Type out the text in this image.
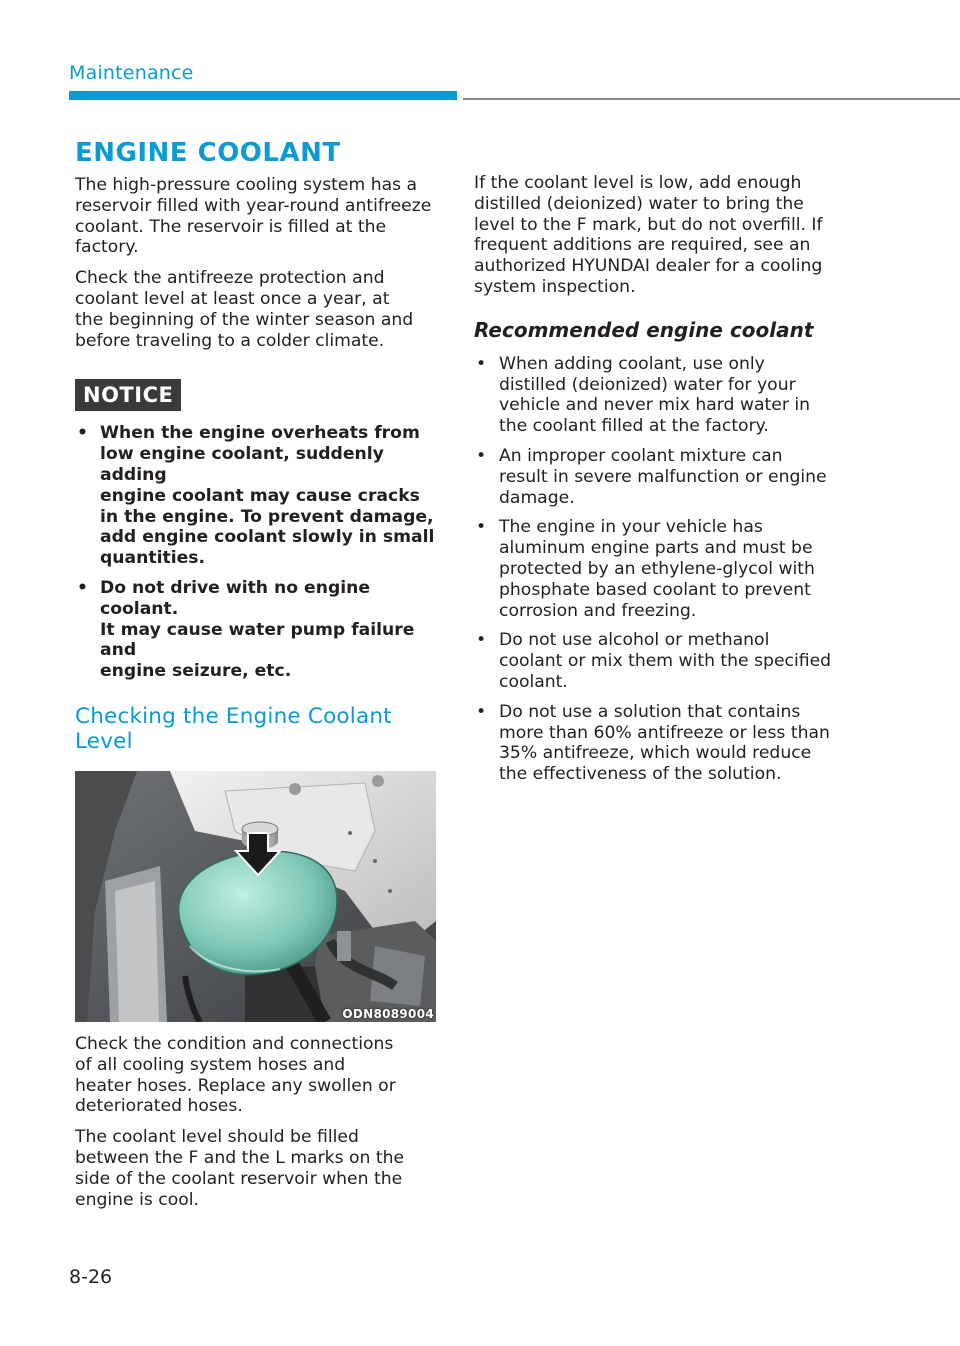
Maintenance
ENGINE COOLANT

The high-pressure cooling system has a
reservoir filled with year-round antifreeze
coolant. The reservoir is filled at the
factory.

Check the antifreeze protection and
coolant level at least once a year, at
the beginning of the winter season and
before traveling to a colder climate.

NOTICE
• When the engine overheats from
low engine coolant, suddenly adding
engine coolant may cause cracks
in the engine. To prevent damage,
add engine coolant slowly in small
quantities.
• Do not drive with no engine coolant.
It may cause water pump failure and
engine seizure, etc.
Checking the Engine Coolant
Level
ODN8089004

Check the condition and connections
of all cooling system hoses and
heater hoses. Replace any swollen or
deteriorated hoses.

The coolant level should be filled
between the F and the L marks on the
side of the coolant reservoir when the
engine is cool.

If the coolant level is low, add enough
distilled (deionized) water to bring the
level to the F mark, but do not overfill. If
frequent additions are required, see an
authorized HYUNDAI dealer for a cooling
system inspection.

Recommended engine coolant
• When adding coolant, use only
distilled (deionized) water for your
vehicle and never mix hard water in
the coolant filled at the factory.
• An improper coolant mixture can
result in severe malfunction or engine
damage.
• The engine in your vehicle has
aluminum engine parts and must be
protected by an ethylene-glycol with
phosphate based coolant to prevent
corrosion and freezing.
• Do not use alcohol or methanol
coolant or mix them with the specified
coolant.
• Do not use a solution that contains
more than 60% antifreeze or less than
35% antifreeze, which would reduce
the effectiveness of the solution.
8-26
